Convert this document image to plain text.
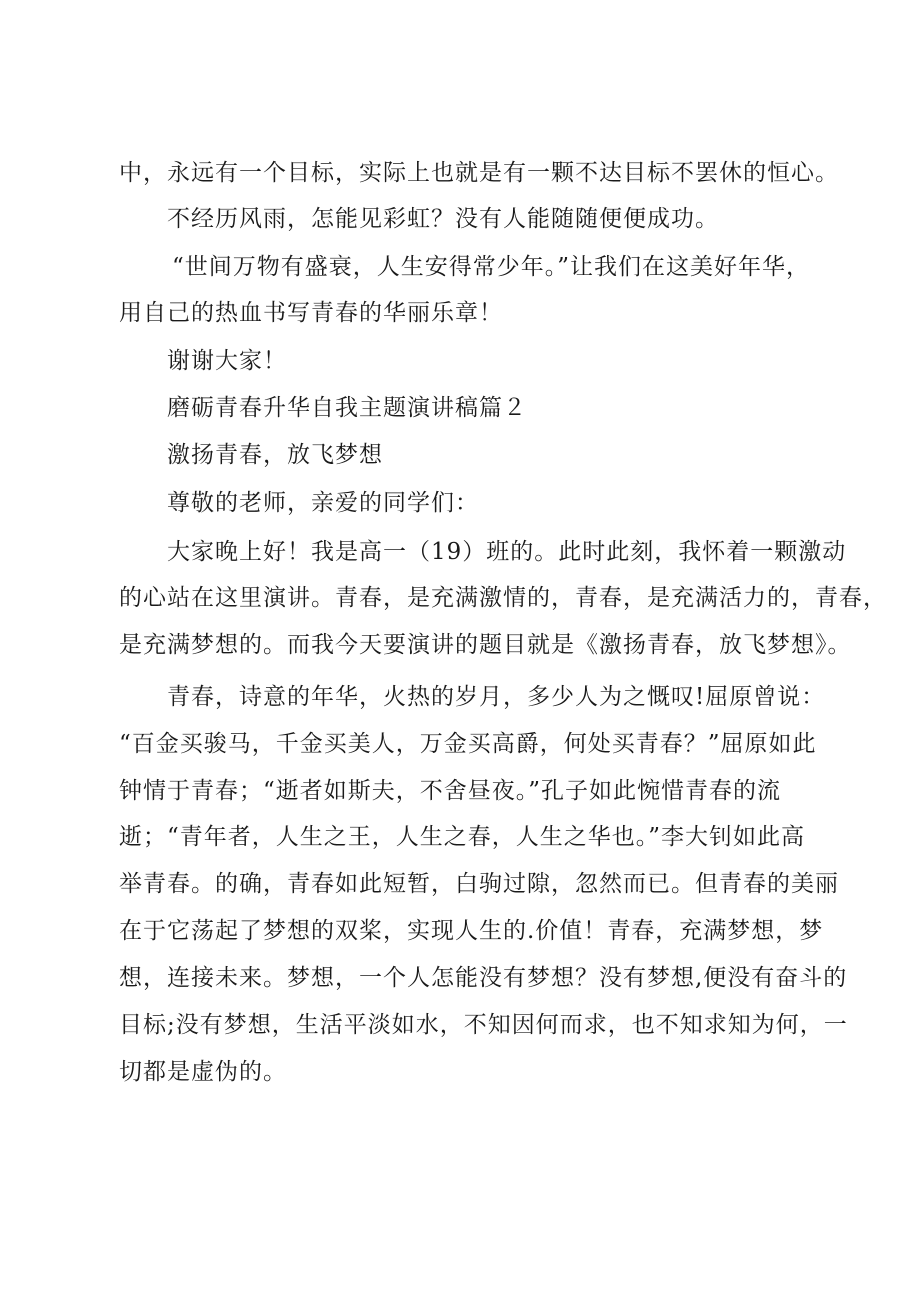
中，永远有一个目标，实际上也就是有一颗不达目标不罢休的恒心。
不经历风雨，怎能见彩虹？没有人能随随便便成功。
“世间万物有盛衰，人生安得常少年。”让我们在这美好年华，
用自己的热血书写青春的华丽乐章！
谢谢大家！
磨砺青春升华自我主题演讲稿篇２
激扬青春，放飞梦想
尊敬的老师，亲爱的同学们：
大家晚上好！我是高一（19）班的。此时此刻，我怀着一颗激动
的心站在这里演讲。青春，是充满激情的，青春，是充满活力的，青春，
是充满梦想的。而我今天要演讲的题目就是《激扬青春，放飞梦想》。
青春，诗意的年华，火热的岁月，多少人为之慨叹!屈原曾说：
“百金买骏马，千金买美人，万金买高爵，何处买青春？”屈原如此
钟情于青春；“逝者如斯夫，不舍昼夜。”孔子如此惋惜青春的流
逝；“青年者，人生之王，人生之春，人生之华也。”李大钊如此高
举青春。的确，青春如此短暂，白驹过隙，忽然而已。但青春的美丽
在于它荡起了梦想的双桨，实现人生的.价值！青春，充满梦想，梦
想，连接未来。梦想，一个人怎能没有梦想？没有梦想,便没有奋斗的
目标;没有梦想，生活平淡如水，不知因何而求，也不知求知为何，一
切都是虚伪的。
